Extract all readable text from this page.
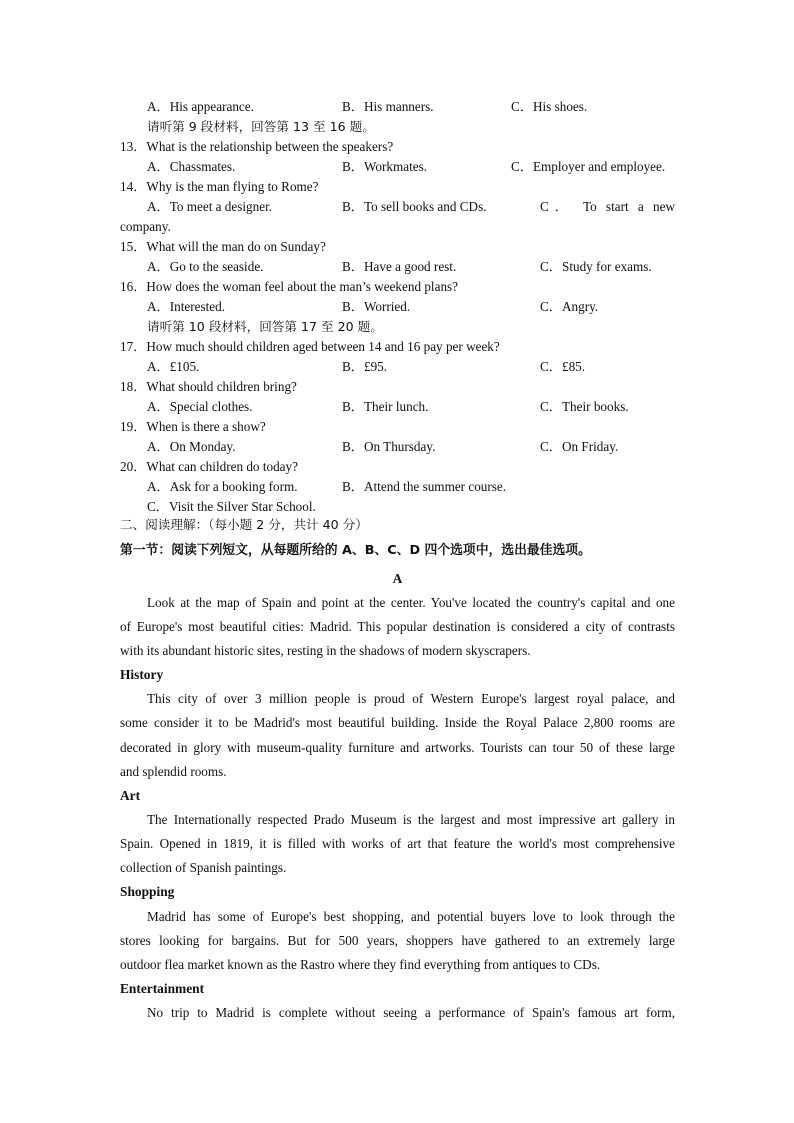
A．His appearance.	B．His manners.	C．His shoes.
请听第 9 段材料，回答第 13 至 16 题。
13．What is the relationship between the speakers?
A．Chassmates.	B．Workmates.	C．Employer and employee.
14．Why is the man flying to Rome?
A．To meet a designer.	B．To sell books and CDs.	C． To start a new
company.
15．What will the man do on Sunday?
A．Go to the seaside.	B．Have a good rest.	C．Study for exams.
16．How does the woman feel about the man’s weekend plans?
A．Interested.	B．Worried.	C．Angry.
请听第 10 段材料，回答第 17 至 20 题。
17．How much should children aged between 14 and 16 pay per week?
A．£105.	B．£95.	C．£85.
18．What should children bring?
A．Special clothes.	B．Their lunch.	C．Their books.
19．When is there a show?
A．On Monday.	B．On Thursday.	C．On Friday.
20．What can children do today?
A．Ask for a booking form.	B．Attend the summer course.
C．Visit the Silver Star School.
二、阅读理解：（每小题 2 分，共计 40 分）
第一节：阅读下列短文，从每题所给的 A、B、C、D 四个选项中，选出最佳选项。
A
Look at the map of Spain and point at the center. You've located the country's capital and one
of Europe's most beautiful cities: Madrid. This popular destination is considered a city of contrasts
with its abundant historic sites, resting in the shadows of modern skyscrapers.
History
This city of over 3 million people is proud of Western Europe's largest royal palace, and
some consider it to be Madrid's most beautiful building. Inside the Royal Palace 2,800 rooms are
decorated in glory with museum-quality furniture and artworks. Tourists can tour 50 of these large
and splendid rooms.
Art
The Internationally respected Prado Museum is the largest and most impressive art gallery in
Spain. Opened in 1819, it is filled with works of art that feature the world's most comprehensive
collection of Spanish paintings.
Shopping
Madrid has some of Europe's best shopping, and potential buyers love to look through the
stores looking for bargains. But for 500 years, shoppers have gathered to an extremely large
outdoor flea market known as the Rastro where they find everything from antiques to CDs.
Entertainment
No trip to Madrid is complete without seeing a performance of Spain's famous art form,
